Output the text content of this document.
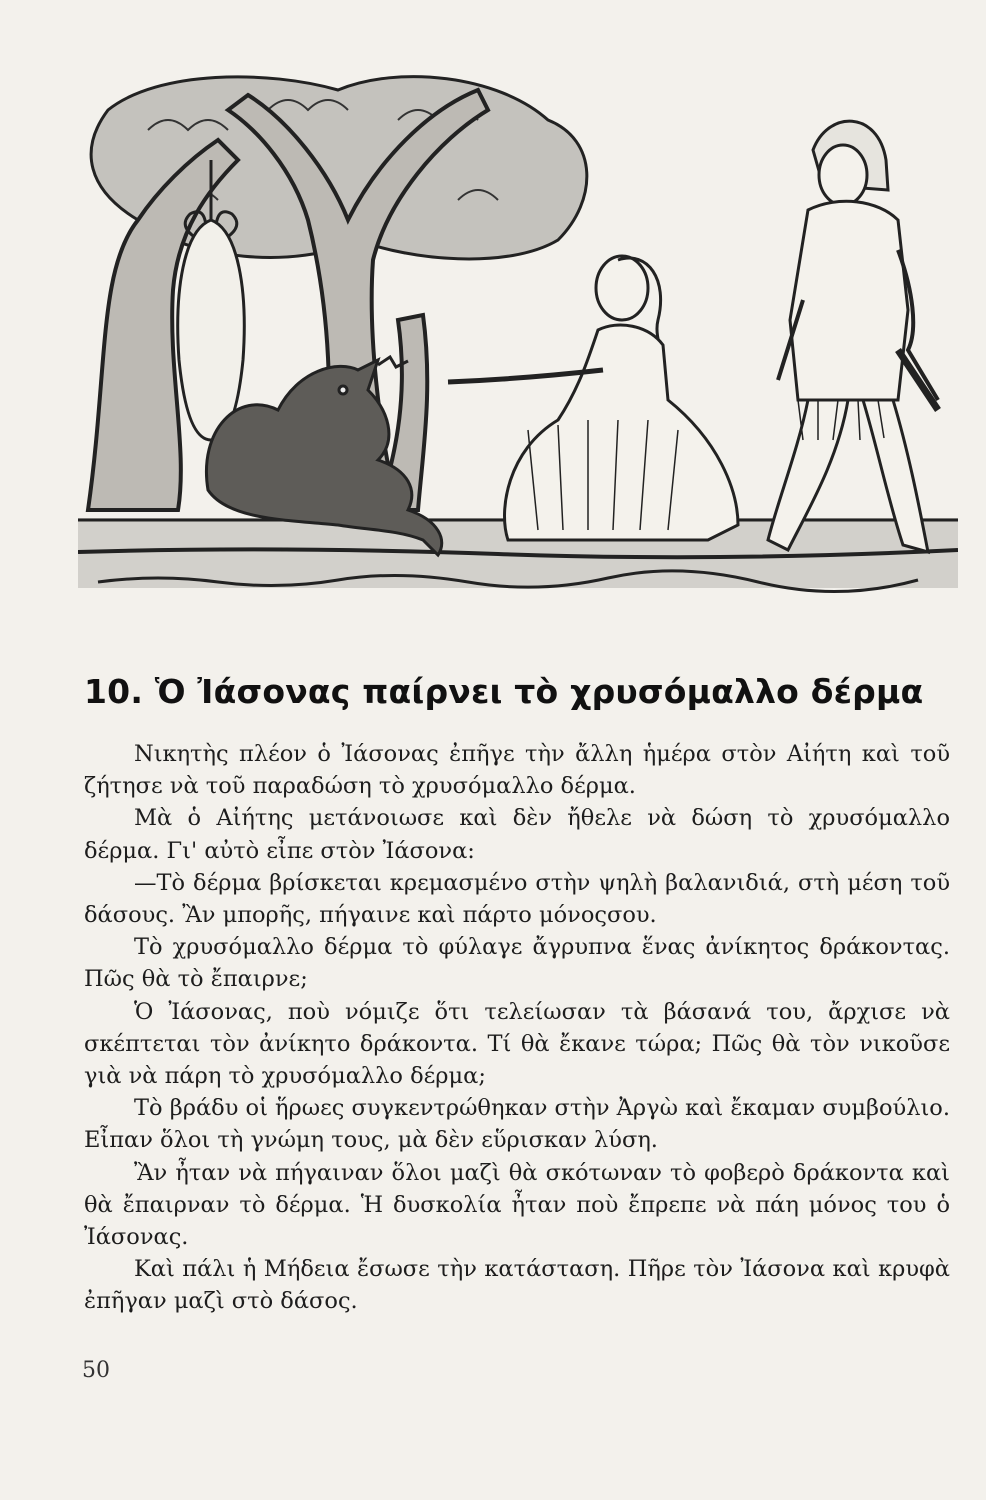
10. Ὁ Ἰάσονας παίρνει τὸ χρυσόμαλλο δέρμα

Νικητὴς πλέον ὁ Ἰάσονας ἐπῆγε τὴν ἄλλη ἡμέρα στὸν Αἰήτη καὶ τοῦ ζήτησε νὰ τοῦ παραδώση τὸ χρυσόμαλλο δέρμα.

Μὰ ὁ Αἰήτης μετάνοιωσε καὶ δὲν ἤθελε νὰ δώση τὸ χρυσόμαλλο δέρμα. Γι' αὐτὸ εἶπε στὸν Ἰάσονα:

—Τὸ δέρμα βρίσκεται κρεμασμένο στὴν ψηλὴ βαλανιδιά, στὴ μέση τοῦ δάσους. Ἂν μπορῆς, πήγαινε καὶ πάρτο μόνοςσου.

Τὸ χρυσόμαλλο δέρμα τὸ φύλαγε ἄγρυπνα ἕνας ἀνίκητος δράκοντας. Πῶς θὰ τὸ ἔπαιρνε;

Ὁ Ἰάσονας, ποὺ νόμιζε ὅτι τελείωσαν τὰ βάσανά του, ἄρχισε νὰ σκέπτεται τὸν ἀνίκητο δράκοντα. Τί θὰ ἔκανε τώρα; Πῶς θὰ τὸν νικοῦσε γιὰ νὰ πάρη τὸ χρυσόμαλλο δέρμα;

Τὸ βράδυ οἱ ἥρωες συγκεντρώθηκαν στὴν Ἀργὼ καὶ ἔκαμαν συμβούλιο. Εἶπαν ὅλοι τὴ γνώμη τους, μὰ δὲν εὕρισκαν λύση.

Ἂν ἦταν νὰ πήγαιναν ὅλοι μαζὶ θὰ σκότωναν τὸ φοβερὸ δράκοντα καὶ θὰ ἔπαιρναν τὸ δέρμα. Ἡ δυσκολία ἦταν ποὺ ἔπρεπε νὰ πάη μόνος του ὁ Ἰάσονας.

Καὶ πάλι ἡ Μήδεια ἔσωσε τὴν κατάσταση. Πῆρε τὸν Ἰάσονα καὶ κρυφὰ ἐπῆγαν μαζὶ στὸ δάσος.

50
